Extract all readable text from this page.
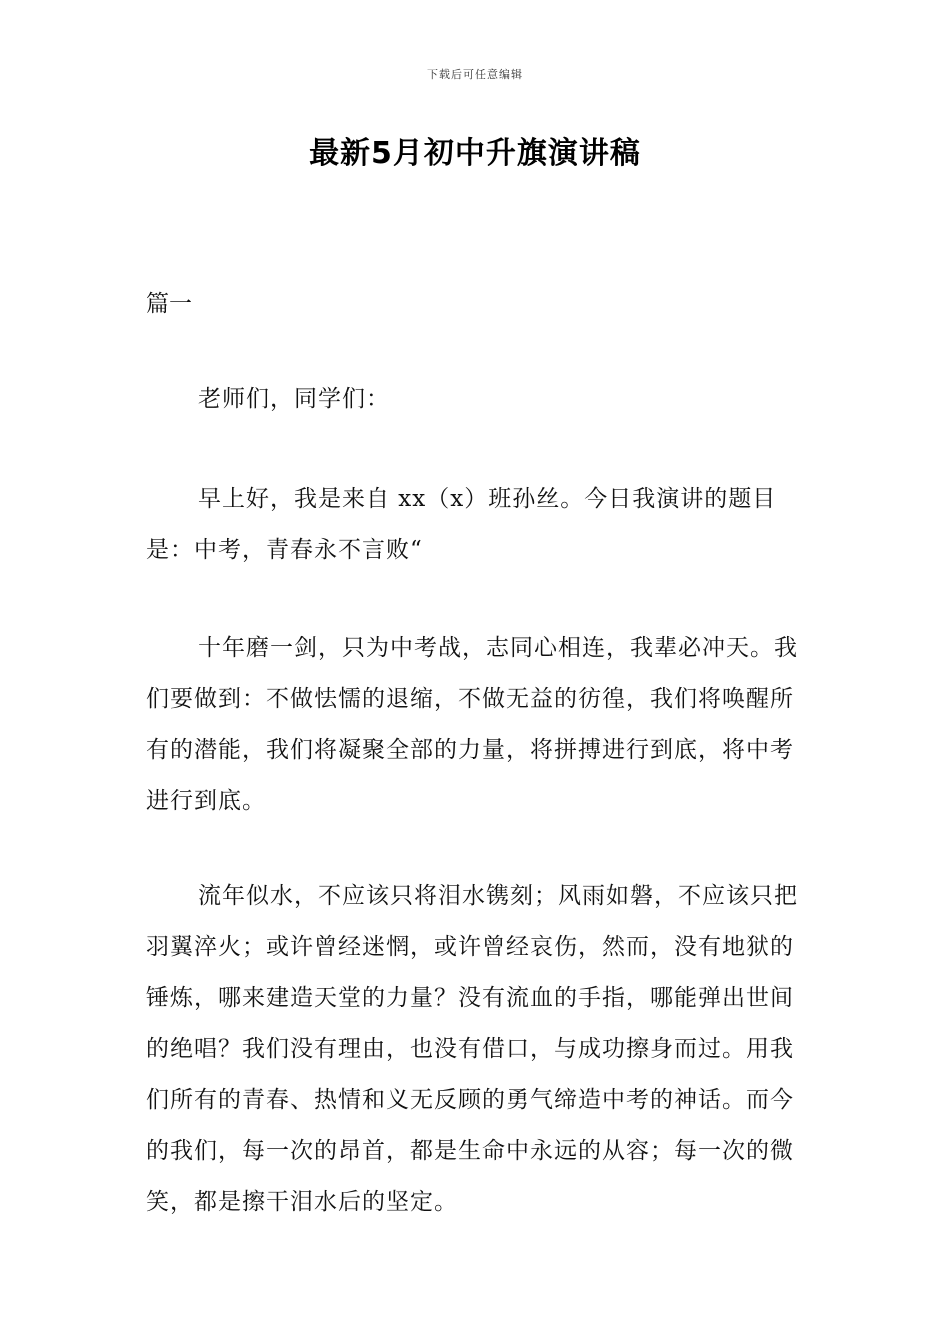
下载后可任意编辑
最新5月初中升旗演讲稿
篇一

老师们，同学们：

早上好，我是来自 xx（x）班孙丝。今日我演讲的题目是：中考，青春永不言败“

十年磨一剑，只为中考战，志同心相连，我辈必冲天。我们要做到：不做怯懦的退缩，不做无益的彷徨，我们将唤醒所有的潜能，我们将凝聚全部的力量，将拼搏进行到底，将中考进行到底。

流年似水，不应该只将泪水镌刻；风雨如磐，不应该只把羽翼淬火；或许曾经迷惘，或许曾经哀伤，然而，没有地狱的锤炼，哪来建造天堂的力量？没有流血的手指，哪能弹出世间的绝唱？我们没有理由，也没有借口，与成功擦身而过。用我们所有的青春、热情和义无反顾的勇气缔造中考的神话。而今的我们，每一次的昂首，都是生命中永远的从容；每一次的微笑，都是擦干泪水后的坚定。
